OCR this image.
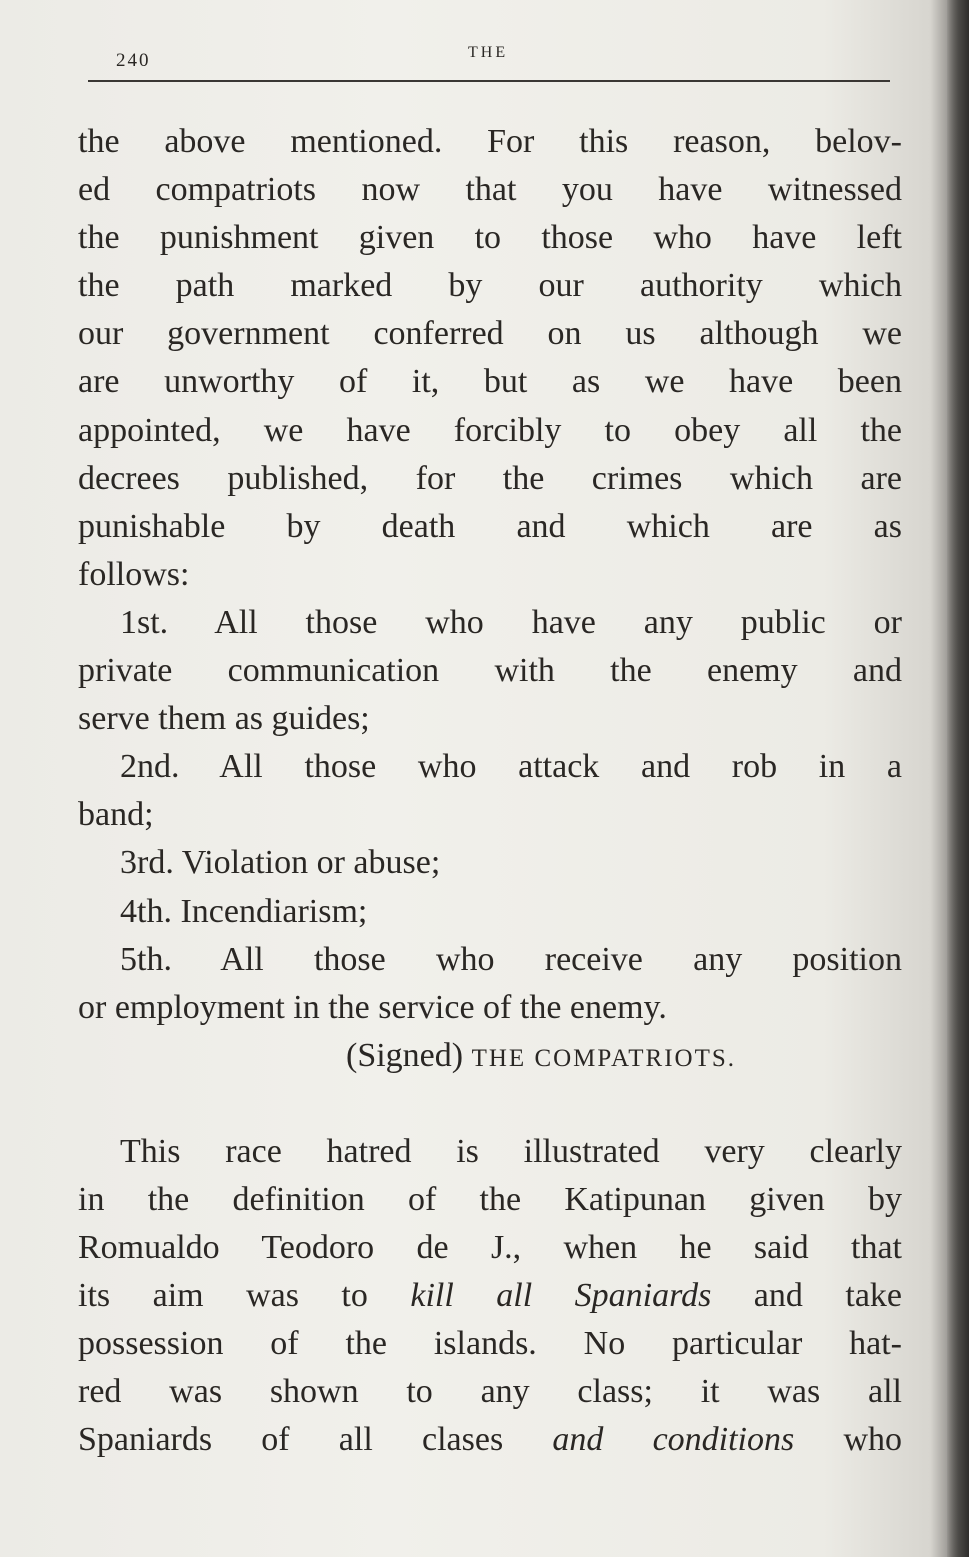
240	THE
the above mentioned. For this reason, belov-
ed compatriots now that you have witnessed
the punishment given to those who have left
the path marked by our authority which
our government conferred on us although we
are unworthy of it, but as we have been
appointed, we have forcibly to obey all the
decrees published, for the crimes which are
punishable by death and which are as
follows:
1st. All those who have any public or
private communication with the enemy and
serve them as guides;
2nd. All those who attack and rob in a
band;
3rd. Violation or abuse;
4th. Incendiarism;
5th. All those who receive any position
or employment in the service of the enemy.
(Signed) THE COMPATRIOTS.
This race hatred is illustrated very clearly
in the definition of the Katipunan given by
Romualdo Teodoro de J., when he said that
its aim was to kill all Spaniards and take
possession of the islands. No particular hat-
red was shown to any class; it was all
Spaniards of all clases and conditions who
